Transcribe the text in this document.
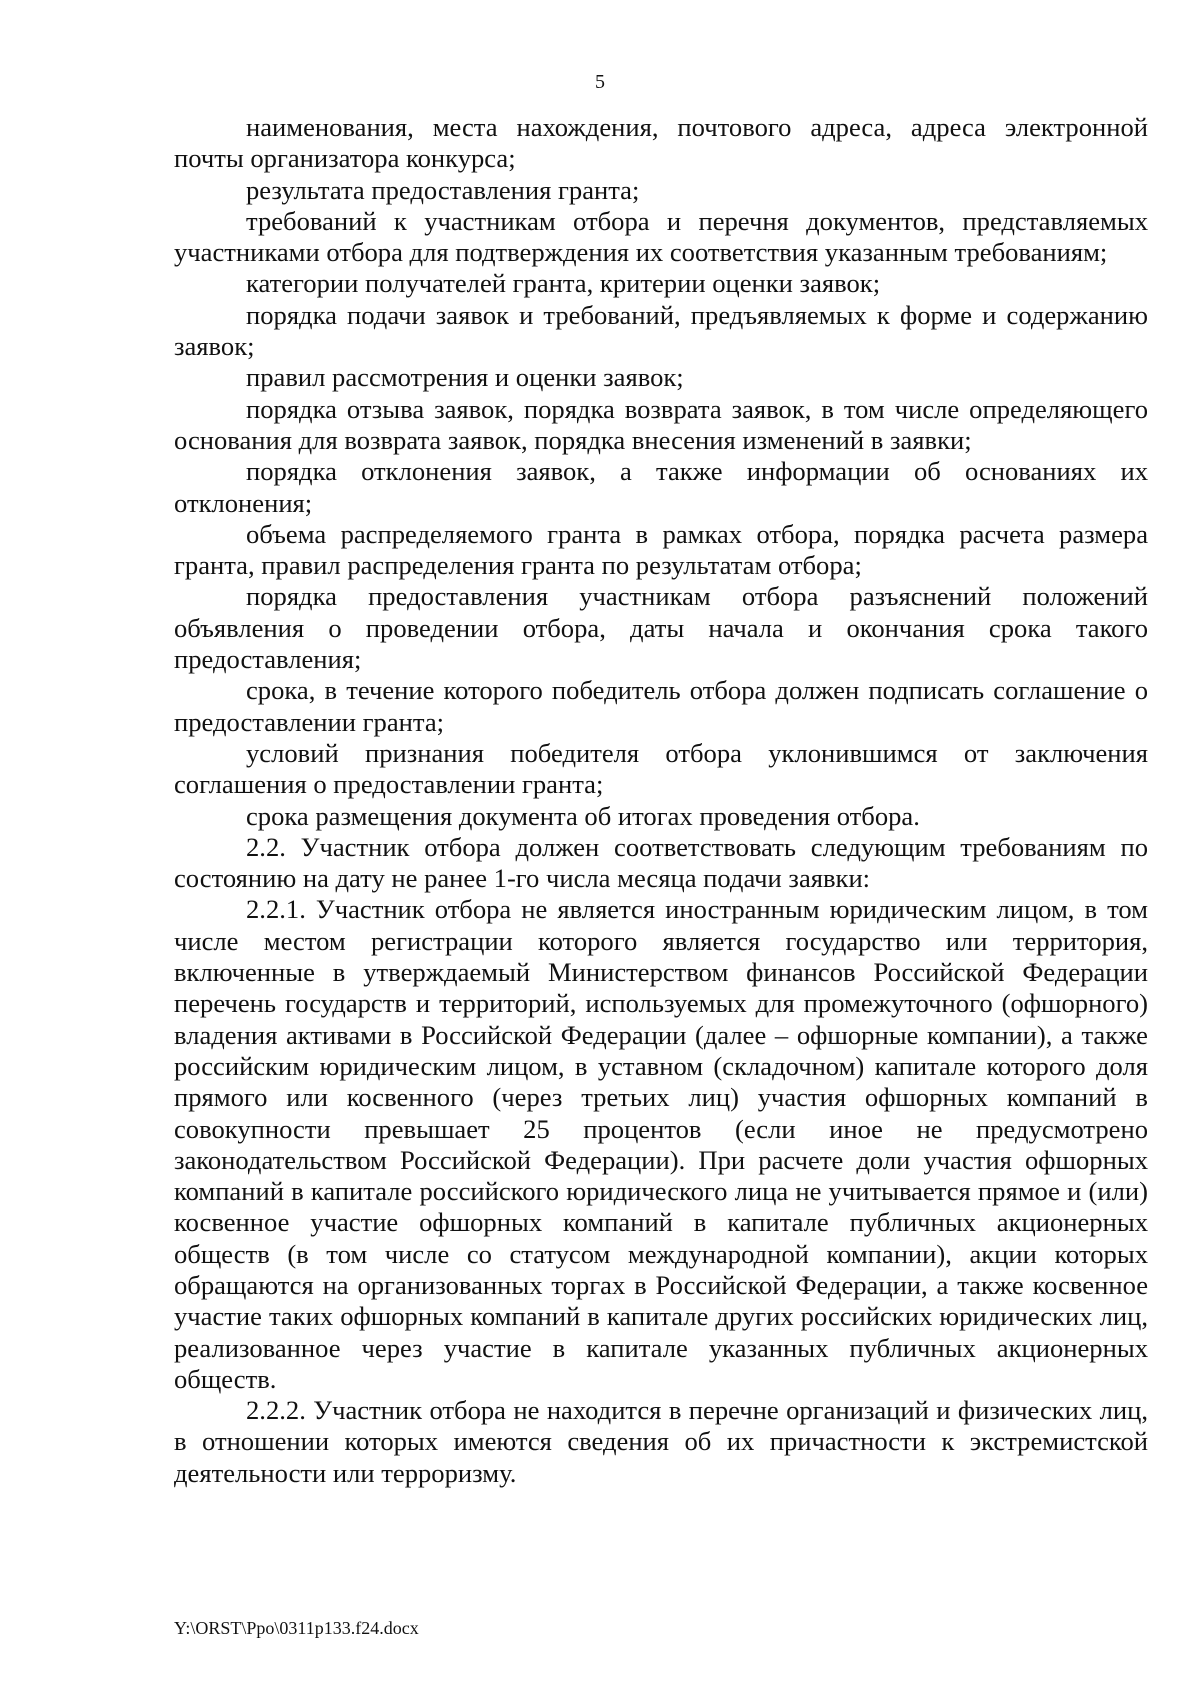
5

наименования, места нахождения, почтового адреса, адреса электронной почты организатора конкурса;

результата предоставления гранта;

требований к участникам отбора и перечня документов, представляемых участниками отбора для подтверждения их соответствия указанным требованиям;

категории получателей гранта, критерии оценки заявок;

порядка подачи заявок и требований, предъявляемых к форме и содержанию заявок;

правил рассмотрения и оценки заявок;

порядка отзыва заявок, порядка возврата заявок, в том числе определяющего основания для возврата заявок, порядка внесения изменений в заявки;

порядка отклонения заявок, а также информации об основаниях их отклонения;

объема распределяемого гранта в рамках отбора, порядка расчета размера гранта, правил распределения гранта по результатам отбора;

порядка предоставления участникам отбора разъяснений положений объявления о проведении отбора, даты начала и окончания срока такого предоставления;

срока, в течение которого победитель отбора должен подписать соглашение о предоставлении гранта;

условий признания победителя отбора уклонившимся от заключения соглашения о предоставлении гранта;

срока размещения документа об итогах проведения отбора.

2.2. Участник отбора должен соответствовать следующим требованиям по состоянию на дату не ранее 1-го числа месяца подачи заявки:

2.2.1. Участник отбора не является иностранным юридическим лицом, в том числе местом регистрации которого является государство или территория, включенные в утверждаемый Министерством финансов Российской Федерации перечень государств и территорий, используемых для промежуточного (офшорного) владения активами в Российской Федерации (далее – офшорные компании), а также российским юридическим лицом, в уставном (складочном) капитале которого доля прямого или косвенного (через третьих лиц) участия офшорных компаний в совокупности превышает 25 процентов (если иное не предусмотрено законодательством Российской Федерации). При расчете доли участия офшорных компаний в капитале российского юридического лица не учитывается прямое и (или) косвенное участие офшорных компаний в капитале публичных акционерных обществ (в том числе со статусом международной компании), акции которых обращаются на организованных торгах в Российской Федерации, а также косвенное участие таких офшорных компаний в капитале других российских юридических лиц, реализованное через участие в капитале указанных публичных акционерных обществ.

2.2.2. Участник отбора не находится в перечне организаций и физических лиц, в отношении которых имеются сведения об их причастности к экстремистской деятельности или терроризму.

Y:\ORST\Ppo\0311p133.f24.docx
